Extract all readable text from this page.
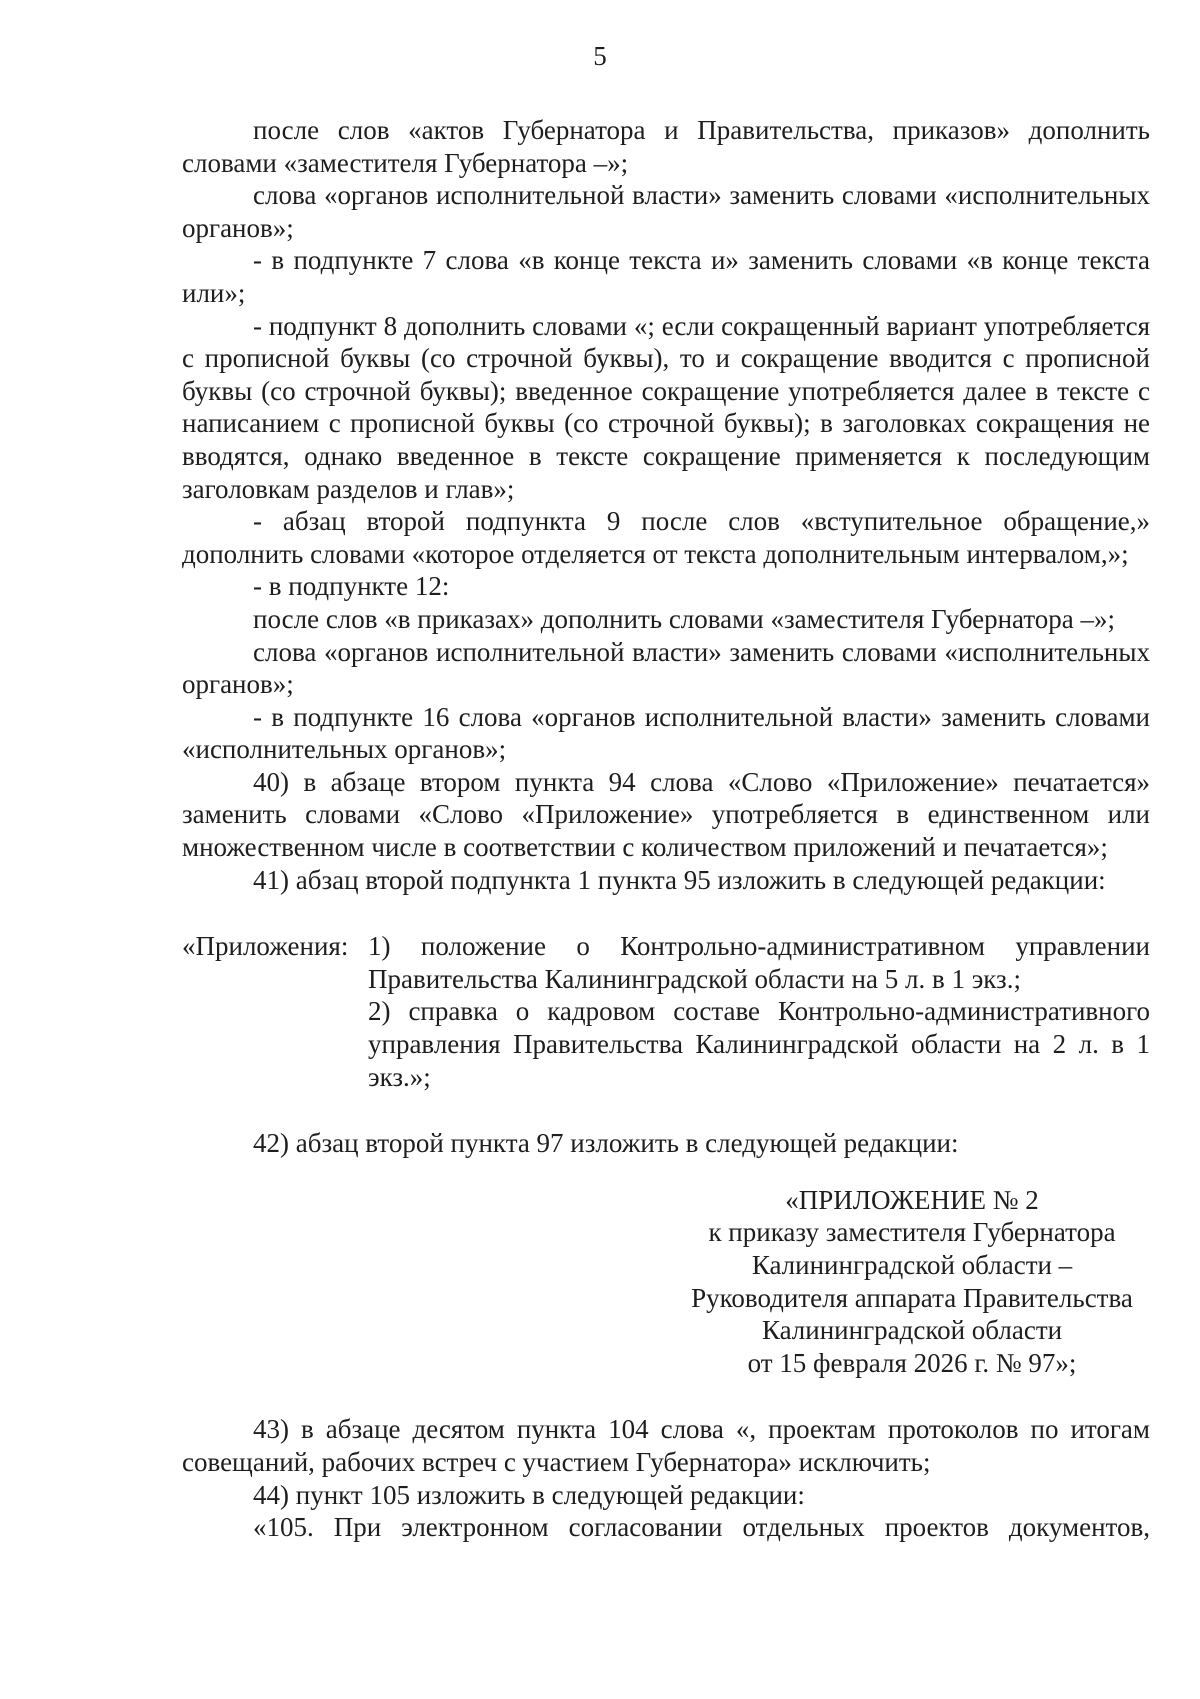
5

после слов «актов Губернатора и Правительства, приказов» дополнить словами «заместителя Губернатора –»;

слова «органов исполнительной власти» заменить словами «исполнительных органов»;

- в подпункте 7 слова «в конце текста и» заменить словами «в конце текста или»;

- подпункт 8 дополнить словами «; если сокращенный вариант употребляется с прописной буквы (со строчной буквы), то и сокращение вводится с прописной буквы (со строчной буквы); введенное сокращение употребляется далее в тексте с написанием с прописной буквы (со строчной буквы); в заголовках сокращения не вводятся, однако введенное в тексте сокращение применяется к последующим заголовкам разделов и глав»;

- абзац второй подпункта 9 после слов «вступительное обращение,» дополнить словами «которое отделяется от текста дополнительным интервалом,»;

- в подпункте 12:

после слов «в приказах» дополнить словами «заместителя Губернатора –»;

слова «органов исполнительной власти» заменить словами «исполнительных органов»;

- в подпункте 16 слова «органов исполнительной власти» заменить словами «исполнительных органов»;

40) в абзаце втором пункта 94 слова «Слово «Приложение» печатается» заменить словами «Слово «Приложение» употребляется в единственном или множественном числе в соответствии с количеством приложений и печатается»;

41) абзац второй подпункта 1 пункта 95 изложить в следующей редакции:

«Приложения: 1) положение о Контрольно-административном управлении Правительства Калининградской области на 5 л. в 1 экз.;

2) справка о кадровом составе Контрольно-административного управления Правительства Калининградской области на 2 л. в 1 экз.»;

42) абзац второй пункта 97 изложить в следующей редакции:

«ПРИЛОЖЕНИЕ № 2
к приказу заместителя Губернатора
Калининградской области –
Руководителя аппарата Правительства
Калининградской области
от 15 февраля 2026 г. № 97»;

43) в абзаце десятом пункта 104 слова «, проектам протоколов по итогам совещаний, рабочих встреч с участием Губернатора» исключить;

44) пункт 105 изложить в следующей редакции:

«105. При электронном согласовании отдельных проектов документов,
